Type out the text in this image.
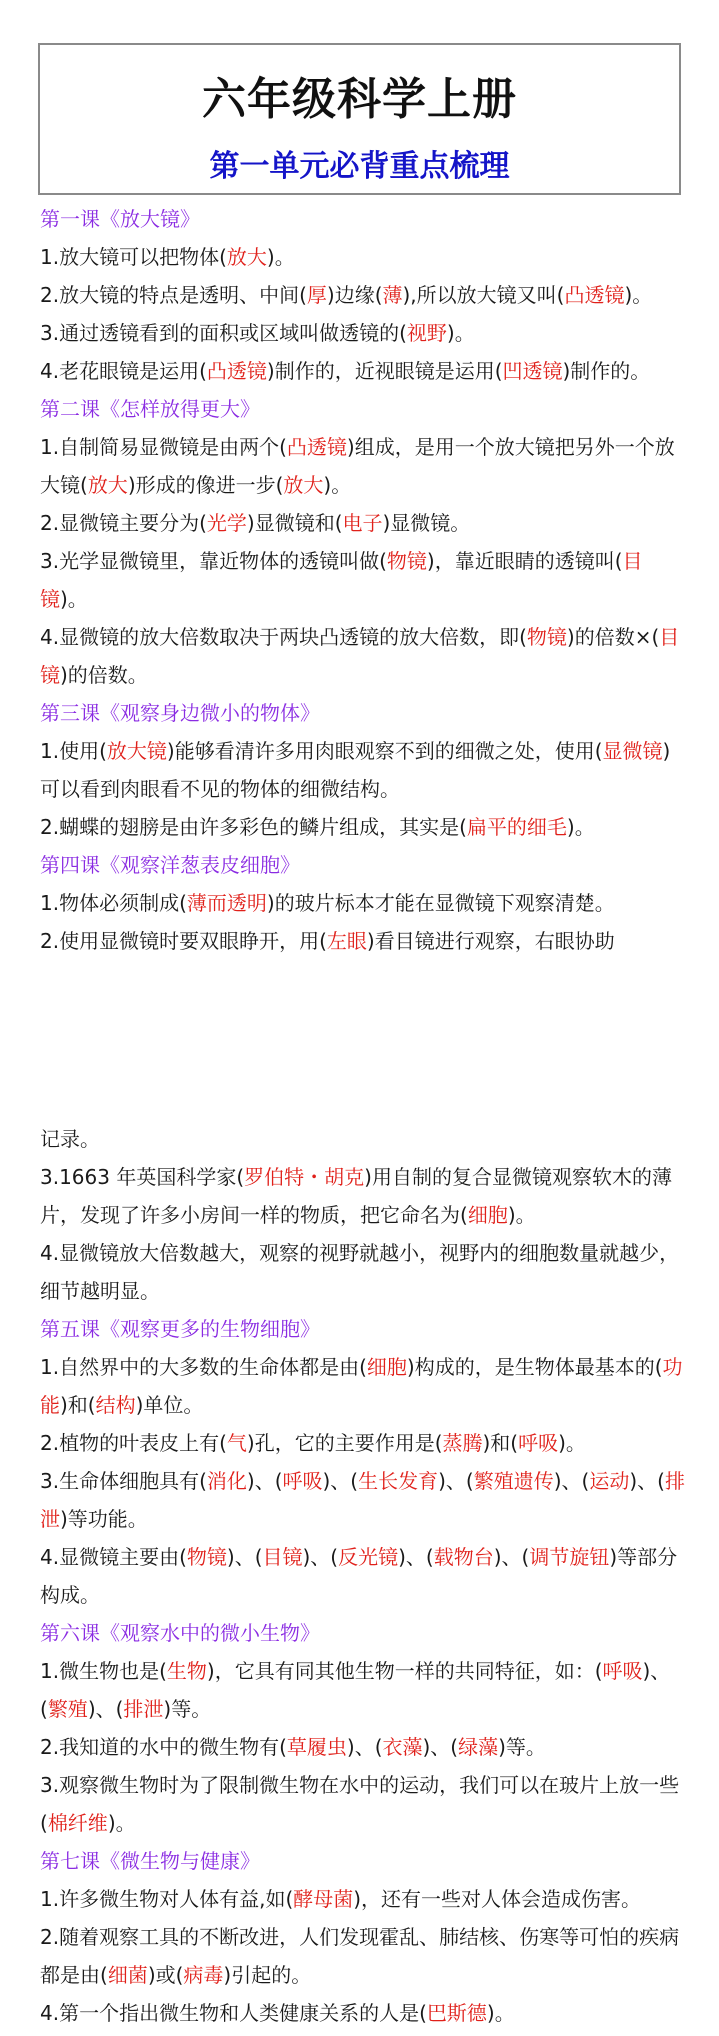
六年级科学上册
第一单元必背重点梳理
第一课《放大镜》
1.放大镜可以把物体(放大)。
2.放大镜的特点是透明、中间(厚)边缘(薄),所以放大镜又叫(凸透镜)。
3.通过透镜看到的面积或区域叫做透镜的(视野)。
4.老花眼镜是运用(凸透镜)制作的，近视眼镜是运用(凹透镜)制作的。
第二课《怎样放得更大》
1.自制简易显微镜是由两个(凸透镜)组成，是用一个放大镜把另外一个放大镜(放大)形成的像进一步(放大)。
2.显微镜主要分为(光学)显微镜和(电子)显微镜。
3.光学显微镜里，靠近物体的透镜叫做(物镜)，靠近眼睛的透镜叫(目镜)。
4.显微镜的放大倍数取决于两块凸透镜的放大倍数，即(物镜)的倍数×(目镜)的倍数。
第三课《观察身边微小的物体》
1.使用(放大镜)能够看清许多用肉眼观察不到的细微之处，使用(显微镜)可以看到肉眼看不见的物体的细微结构。
2.蝴蝶的翅膀是由许多彩色的鳞片组成，其实是(扁平的细毛)。
第四课《观察洋葱表皮细胞》
1.物体必须制成(薄而透明)的玻片标本才能在显微镜下观察清楚。
2.使用显微镜时要双眼睁开，用(左眼)看目镜进行观察，右眼协助
记录。
3.1663 年英国科学家(罗伯特・胡克)用自制的复合显微镜观察软木的薄片，发现了许多小房间一样的物质，把它命名为(细胞)。
4.显微镜放大倍数越大，观察的视野就越小，视野内的细胞数量就越少，细节越明显。
第五课《观察更多的生物细胞》
1.自然界中的大多数的生命体都是由(细胞)构成的，是生物体最基本的(功能)和(结构)单位。
2.植物的叶表皮上有(气)孔，它的主要作用是(蒸腾)和(呼吸)。
3.生命体细胞具有(消化)、(呼吸)、(生长发育)、(繁殖遗传)、(运动)、(排泄)等功能。
4.显微镜主要由(物镜)、(目镜)、(反光镜)、(载物台)、(调节旋钮)等部分构成。
第六课《观察水中的微小生物》
1.微生物也是(生物)，它具有同其他生物一样的共同特征，如：(呼吸)、(繁殖)、(排泄)等。
2.我知道的水中的微生物有(草履虫)、(衣藻)、(绿藻)等。
3.观察微生物时为了限制微生物在水中的运动，我们可以在玻片上放一些(棉纤维)。
第七课《微生物与健康》
1.许多微生物对人体有益,如(酵母菌)，还有一些对人体会造成伤害。
2.随着观察工具的不断改进，人们发现霍乱、肺结核、伤寒等可怕的疾病都是由(细菌)或(病毒)引起的。
4.第一个指出微生物和人类健康关系的人是(巴斯德)。
